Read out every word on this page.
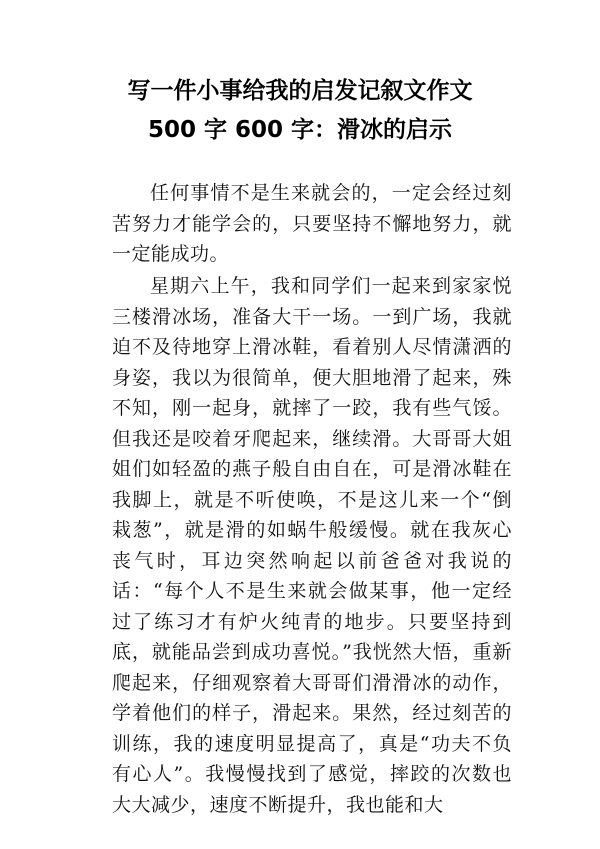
写一件小事给我的启发记叙文作文
500 字 600 字：滑冰的启示

任何事情不是生来就会的，一定会经过刻苦努力才能学会的，只要坚持不懈地努力，就一定能成功。

星期六上午，我和同学们一起来到家家悦三楼滑冰场，准备大干一场。一到广场，我就迫不及待地穿上滑冰鞋，看着别人尽情潇洒的身姿，我以为很简单，便大胆地滑了起来，殊不知，刚一起身，就摔了一跤，我有些气馁。但我还是咬着牙爬起来，继续滑。大哥哥大姐姐们如轻盈的燕子般自由自在，可是滑冰鞋在我脚上，就是不听使唤，不是这儿来一个“倒栽葱”，就是滑的如蜗牛般缓慢。就在我灰心丧气时，耳边突然响起以前爸爸对我说的话：“每个人不是生来就会做某事，他一定经过了练习才有炉火纯青的地步。只要坚持到底，就能品尝到成功喜悦。”我恍然大悟，重新爬起来，仔细观察着大哥哥们滑滑冰的动作，学着他们的样子，滑起来。果然，经过刻苦的训练，我的速度明显提高了，真是“功夫不负有心人”。我慢慢找到了感觉，摔跤的次数也大大减少，速度不断提升，我也能和大
